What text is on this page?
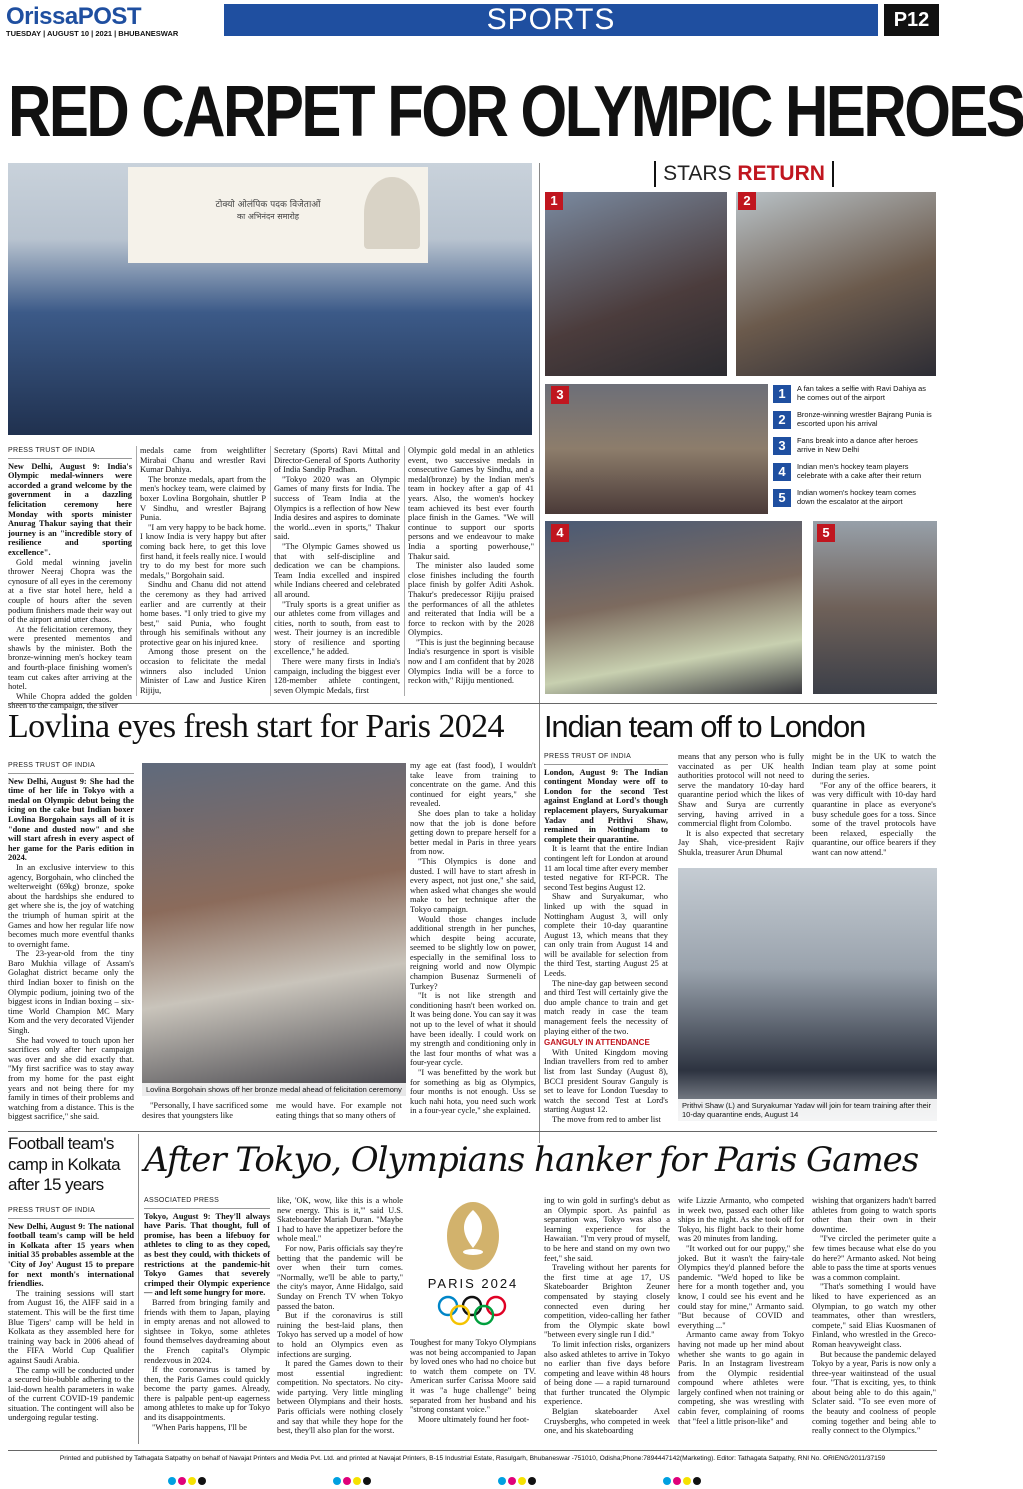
OrissaPOST
TUESDAY | AUGUST 10 | 2021 | BHUBANESWAR	SPORTS	P12
RED CARPET FOR OLYMPIC HEROES
टोक्यो ओलंपिक पदक विजेताओं
का अभिनंदन समारोह
STARS RETURN
1	2
3	1	A fan takes a selfie with Ravi Dahiya as he comes out of the airport
2	Bronze-winning wrestler Bajrang Punia is escorted upon his arrival
3	Fans break into a dance after heroes arrive in New Delhi
4	Indian men's hockey team players celebrate with a cake after their return
5	Indian women's hockey team comes down the escalator at the airport
4	5
PRESS TRUST OF INDIA

New Delhi, August 9: India's Olympic medal-winners were accorded a grand welcome by the government in a dazzling felicitation ceremony here Monday with sports minister Anurag Thakur saying that their journey is an "incredible story of resilience and sporting excellence".

Gold medal winning javelin thrower Neeraj Chopra was the cynosure of all eyes in the ceremony at a five star hotel here, held a couple of hours after the seven podium finishers made their way out of the airport amid utter chaos.

At the felicitation ceremony, they were presented mementos and shawls by the minister. Both the bronze-winning men's hockey team and fourth-place finishing women's team cut cakes after arriving at the hotel.

While Chopra added the golden sheen to the campaign, the silver

medals came from weightlifter Mirabai Chanu and wrestler Ravi Kumar Dahiya.

The bronze medals, apart from the men's hockey team, were claimed by boxer Lovlina Borgohain, shuttler P V Sindhu, and wrestler Bajrang Punia.

"I am very happy to be back home. I know India is very happy but after coming back here, to get this love first hand, it feels really nice. I would try to do my best for more such medals," Borgohain said.

Sindhu and Chanu did not attend the ceremony as they had arrived earlier and are currently at their home bases. "I only tried to give my best," said Punia, who fought through his semifinals without any protective gear on his injured knee.

Among those present on the occasion to felicitate the medal winners also included Union Minister of Law and Justice Kiren Rijiju,

Secretary (Sports) Ravi Mittal and Director-General of Sports Authority of India Sandip Pradhan.

"Tokyo 2020 was an Olympic Games of many firsts for India. The success of Team India at the Olympics is a reflection of how New India desires and aspires to dominate the world...even in sports," Thakur said.

"The Olympic Games showed us that with self-discipline and dedication we can be champions. Team India excelled and inspired while Indians cheered and celebrated all around.

"Truly sports is a great unifier as our athletes come from villages and cities, north to south, from east to west. Their journey is an incredible story of resilience and sporting excellence," he added.

There were many firsts in India's campaign, including the biggest ever 128-member athlete contingent, seven Olympic Medals, first

Olympic gold medal in an athletics event, two successive medals in consecutive Games by Sindhu, and a medal(bronze) by the Indian men's team in hockey after a gap of 41 years. Also, the women's hockey team achieved its best ever fourth place finish in the Games. "We will continue to support our sports persons and we endeavour to make India a sporting powerhouse," Thakur said.

The minister also lauded some close finishes including the fourth place finish by golfer Aditi Ashok. Thakur's predecessor Rijiju praised the performances of all the athletes and reiterated that India will be a force to reckon with by the 2028 Olympics.

"This is just the beginning because India's resurgence in sport is visible now and I am confident that by 2028 Olympics India will be a force to reckon with," Rijiju mentioned.

Lovlina eyes fresh start for Paris 2024
PRESS TRUST OF INDIA

New Delhi, August 9: She had the time of her life in Tokyo with a medal on Olympic debut being the icing on the cake but Indian boxer Lovlina Borgohain says all of it is "done and dusted now" and she will start afresh in every aspect of her game for the Paris edition in 2024.

In an exclusive interview to this agency, Borgohain, who clinched the welterweight (69kg) bronze, spoke about the hardships she endured to get where she is, the joy of watching the triumph of human spirit at the Games and how her regular life now becomes much more eventful thanks to overnight fame.

The 23-year-old from the tiny Baro Mukhia village of Assam's Golaghat district became only the third Indian boxer to finish on the Olympic podium, joining two of the biggest icons in Indian boxing – six-time World Champion MC Mary Kom and the very decorated Vijender Singh.

She had vowed to touch upon her sacrifices only after her campaign was over and she did exactly that. "My first sacrifice was to stay away from my home for the past eight years and not being there for my family in times of their problems and watching from a distance. This is the biggest sacrifice," she said.

Lovlina Borgohain shows off her bronze medal ahead of felicitation ceremony

"Personally, I have sacrificed some desires that youngsters like

me would have. For example not eating things that so many others of

my age eat (fast food), I wouldn't take leave from training to concentrate on the game. And this continued for eight years," she revealed.

She does plan to take a holiday now that the job is done before getting down to prepare herself for a better medal in Paris in three years from now.

"This Olympics is done and dusted. I will have to start afresh in every aspect, not just one," she said, when asked what changes she would make to her technique after the Tokyo campaign.

Would those changes include additional strength in her punches, which despite being accurate, seemed to be slightly low on power, especially in the semifinal loss to reigning world and now Olympic champion Busenaz Surmeneli of Turkey?

"It is not like strength and conditioning hasn't been worked on. It was being done. You can say it was not up to the level of what it should have been ideally. I could work on my strength and conditioning only in the last four months of what was a four-year cycle.

"I was benefitted by the work but for something as big as Olympics, four months is not enough. Uss se kuch nahi hota, you need such work in a four-year cycle," she explained.

Indian team off to London
PRESS TRUST OF INDIA

London, August 9: The Indian contingent Monday were off to London for the second Test against England at Lord's though replacement players, Suryakumar Yadav and Prithvi Shaw, remained in Nottingham to complete their quarantine.

It is learnt that the entire Indian contingent left for London at around 11 am local time after every member tested negative for RT-PCR. The second Test begins August 12.

Shaw and Suryakumar, who linked up with the squad in Nottingham August 3, will only complete their 10-day quarantine August 13, which means that they can only train from August 14 and will be available for selection from the third Test, starting August 25 at Leeds.

The nine-day gap between second and third Test will certainly give the duo ample chance to train and get match ready in case the team management feels the necessity of playing either of the two.

GANGULY IN ATTENDANCE

With United Kingdom moving Indian travellers from red to amber list from last Sunday (August 8), BCCI president Sourav Ganguly is set to leave for London Tuesday to watch the second Test at Lord's starting August 12.

The move from red to amber list

means that any person who is fully vaccinated as per UK health authorities protocol will not need to serve the mandatory 10-day hard quarantine period which the likes of Shaw and Surya are currently serving, having arrived in a commercial flight from Colombo.

It is also expected that secretary Jay Shah, vice-president Rajiv Shukla, treasurer Arun Dhumal

might be in the UK to watch the Indian team play at some point during the series.

"For any of the office bearers, it was very difficult with 10-day hard quarantine in place as everyone's busy schedule goes for a toss. Since some of the travel protocols have been relaxed, especially the quarantine, our office bearers if they want can now attend."

Prithvi Shaw (L) and Suryakumar Yadav will join for team training after their 10-day quarantine ends, August 14
Football team's camp in Kolkata after 15 years
PRESS TRUST OF INDIA

New Delhi, August 9: The national football team's camp will be held in Kolkata after 15 years when initial 35 probables assemble at the 'City of Joy' August 15 to prepare for next month's international friendlies.

The training sessions will start from August 16, the AIFF said in a statement. This will be the first time Blue Tigers' camp will be held in Kolkata as they assembled here for training way back in 2006 ahead of the FIFA World Cup Qualifier against Saudi Arabia.

The camp will be conducted under a secured bio-bubble adhering to the laid-down health parameters in wake of the current COVID-19 pandemic situation. The contingent will also be undergoing regular testing.

After Tokyo, Olympians hanker for Paris Games
ASSOCIATED PRESS

Tokyo, August 9: They'll always have Paris. That thought, full of promise, has been a lifebuoy for athletes to cling to as they coped, as best they could, with thickets of restrictions at the pandemic-hit Tokyo Games that severely crimped their Olympic experience — and left some hungry for more.

Barred from bringing family and friends with them to Japan, playing in empty arenas and not allowed to sightsee in Tokyo, some athletes found themselves daydreaming about the French capital's Olympic rendezvous in 2024.

If the coronavirus is tamed by then, the Paris Games could quickly become the party games. Already, there is palpable pent-up eagerness among athletes to make up for Tokyo and its disappointments.

"When Paris happens, I'll be

like, 'OK, wow, like this is a whole new energy. This is it,'" said U.S. Skateboarder Mariah Duran. "Maybe I had to have the appetizer before the whole meal."

For now, Paris officials say they're betting that the pandemic will be over when their turn comes. "Normally, we'll be able to party," the city's mayor, Anne Hidalgo, said Sunday on French TV when Tokyo passed the baton.

But if the coronavirus is still ruining the best-laid plans, then Tokyo has served up a model of how to hold an Olympics even as infections are surging.

It pared the Games down to their most essential ingredient: competition. No spectators. No city-wide partying. Very little mingling between Olympians and their hosts. Paris officials were nothing closely and say that while they hope for the best, they'll also plan for the worst.

PARIS 2024

Toughest for many Tokyo Olympians was not being accompanied to Japan by loved ones who had no choice but to watch them compete on TV. American surfer Carissa Moore said it was "a huge challenge" being separated from her husband and his "strong constant voice."

Moore ultimately found her foot-

ing to win gold in surfing's debut as an Olympic sport. As painful as separation was, Tokyo was also a learning experience for the Hawaiian. "I'm very proud of myself, to be here and stand on my own two feet," she said.

Traveling without her parents for the first time at age 17, US Skateboarder Brighton Zeuner compensated by staying closely connected even during her competition, video-calling her father from the Olympic skate bowl "between every single run I did."

To limit infection risks, organizers also asked athletes to arrive in Tokyo no earlier than five days before competing and leave within 48 hours of being done — a rapid turnaround that further truncated the Olympic experience.

Belgian skateboarder Axel Cruysberghs, who competed in week one, and his skateboarding

wife Lizzie Armanto, who competed in week two, passed each other like ships in the night. As she took off for Tokyo, his flight back to their home was 20 minutes from landing.

"It worked out for our puppy," she joked. But it wasn't the fairy-tale Olympics they'd planned before the pandemic. "We'd hoped to like be here for a month together and, you know, I could see his event and he could stay for mine," Armanto said. "But because of COVID and everything ..."

Armanto came away from Tokyo having not made up her mind about whether she wants to go again in Paris. In an Instagram livestream from the Olympic residential compound where athletes were largely confined when not training or competing, she was wrestling with cabin fever, complaining of rooms that "feel a little prison-like" and

wishing that organizers hadn't barred athletes from going to watch sports other than their own in their downtime.

"I've circled the perimeter quite a few times because what else do you do here?" Armanto asked. Not being able to pass the time at sports venues was a common complaint.

"That's something I would have liked to have experienced as an Olympian, to go watch my other teammates, other than wrestlers, compete," said Elias Kuosmanen of Finland, who wrestled in the Greco-Roman heavyweight class.

But because the pandemic delayed Tokyo by a year, Paris is now only a three-year waitinstead of the usual four. "That is exciting, yes, to think about being able to do this again," Sclater said. "To see even more of the beauty and coolness of people coming together and being able to really connect to the Olympics."

Printed and published by Tathagata Satpathy on behalf of Navajat Printers and Media Pvt. Ltd. and printed at Navajat Printers, B-15 Industrial Estate, Rasulgarh, Bhubaneswar -751010, Odisha;Phone:7894447142(Marketing). Editor: Tathagata Satpathy, RNI No. ORIENG/2011/37159
